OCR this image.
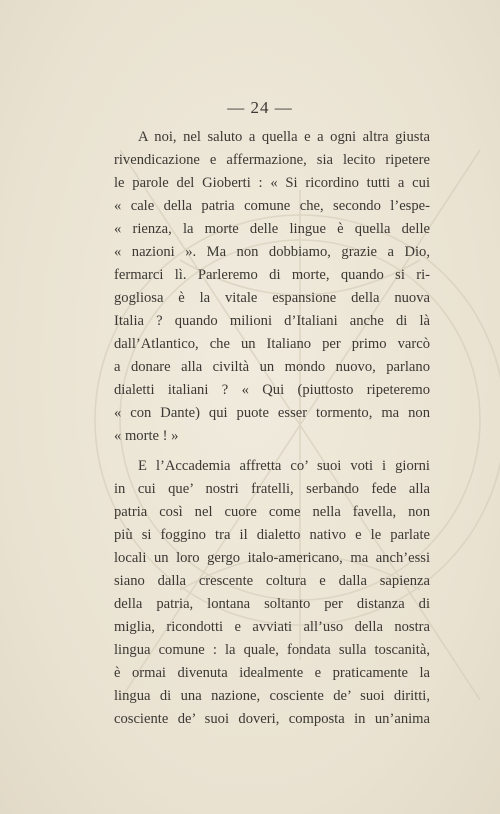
— 24 —
A noi, nel saluto a quella e a ogni altra giusta
rivendicazione e affermazione, sia lecito ripetere
le parole del Gioberti : « Si ricordino tutti a cui
« cale della patria comune che, secondo l’espe-
« rienza, la morte delle lingue è quella delle
« nazioni ». Ma non dobbiamo, grazie a Dio,
fermarci lì. Parleremo di morte, quando si ri-
gogliosa è la vitale espansione della nuova
Italia ? quando milioni d’Italiani anche di là
dall’Atlantico, che un Italiano per primo varcò
a donare alla civiltà un mondo nuovo, parlano
dialetti italiani ? « Qui (piuttosto ripeteremo
« con Dante) qui puote esser tormento, ma non
« morte ! »
E l’Accademia affretta co’ suoi voti i giorni
in cui que’ nostri fratelli, serbando fede alla
patria così nel cuore come nella favella, non
più si foggino tra il dialetto nativo e le parlate
locali un loro gergo italo-americano, ma anch’essi
siano dalla crescente coltura e dalla sapienza
della patria, lontana soltanto per distanza di
miglia, ricondotti e avviati all’uso della nostra
lingua comune : la quale, fondata sulla toscanità,
è ormai divenuta idealmente e praticamente la
lingua di una nazione, cosciente de’ suoi diritti,
cosciente de’ suoi doveri, composta in un’anima
